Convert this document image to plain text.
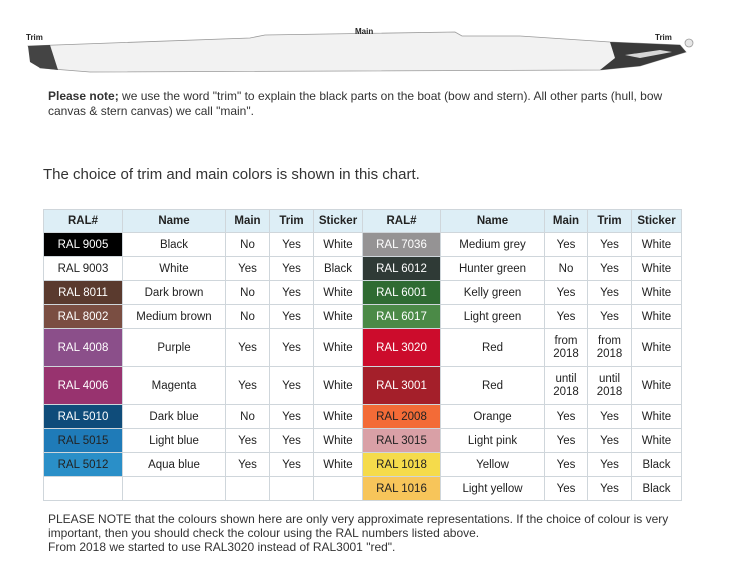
Trim
Main
Trim
Please note; we use the word "trim" to explain the black parts on the boat (bow and stern). All other parts (hull, bow canvas & stern canvas) we call "main".
The choice of trim and main colors is shown in this chart.
RAL#	Name	Main	Trim	Sticker	RAL#	Name	Main	Trim	Sticker
RAL 9005	Black	No	Yes	White	RAL 7036	Medium grey	Yes	Yes	White
RAL 9003	White	Yes	Yes	Black	RAL 6012	Hunter green	No	Yes	White
RAL 8011	Dark brown	No	Yes	White	RAL 6001	Kelly green	Yes	Yes	White
RAL 8002	Medium brown	No	Yes	White	RAL 6017	Light green	Yes	Yes	White
RAL 4008	Purple	Yes	Yes	White	RAL 3020	Red	from 2018	from 2018	White
RAL 4006	Magenta	Yes	Yes	White	RAL 3001	Red	until 2018	until 2018	White
RAL 5010	Dark blue	No	Yes	White	RAL 2008	Orange	Yes	Yes	White
RAL 5015	Light blue	Yes	Yes	White	RAL 3015	Light pink	Yes	Yes	White
RAL 5012	Aqua blue	Yes	Yes	White	RAL 1018	Yellow	Yes	Yes	Black
					RAL 1016	Light yellow	Yes	Yes	Black
PLEASE NOTE that the colours shown here are only very approximate representations. If the choice of colour is very important, then you should check the colour using the RAL numbers listed above.
From 2018 we started to use RAL3020 instead of RAL3001 "red".
